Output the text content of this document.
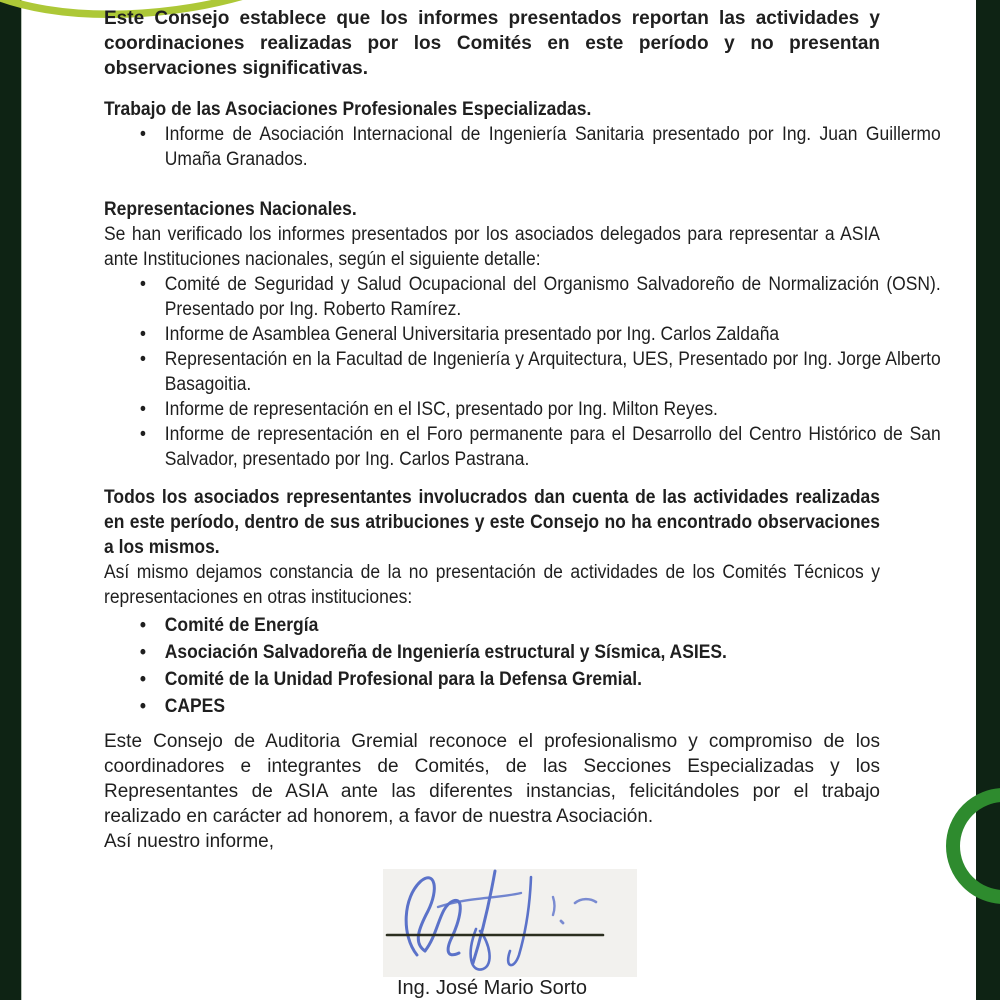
Este Consejo establece que los informes presentados reportan las actividades y coordinaciones realizadas por los Comités en este período y no presentan observaciones significativas.

Trabajo de las Asociaciones Profesionales Especializadas.

• Informe de Asociación Internacional de Ingeniería Sanitaria presentado por Ing. Juan Guillermo Umaña Granados.

Representaciones Nacionales.

Se han verificado los informes presentados por los asociados delegados para representar a ASIA ante Instituciones nacionales, según el siguiente detalle:

• Comité de Seguridad y Salud Ocupacional del Organismo Salvadoreño de Normalización (OSN). Presentado por Ing. Roberto Ramírez.
• Informe de Asamblea General Universitaria presentado por Ing. Carlos Zaldaña
• Representación en la Facultad de Ingeniería y Arquitectura, UES, Presentado por Ing. Jorge Alberto Basagoitia.
• Informe de representación en el ISC, presentado por Ing. Milton Reyes.
• Informe de representación en el Foro permanente para el Desarrollo del Centro Histórico de San Salvador, presentado por Ing. Carlos Pastrana.

Todos los asociados representantes involucrados dan cuenta de las actividades realizadas en este período, dentro de sus atribuciones y este Consejo no ha encontrado observaciones a los mismos.

Así mismo dejamos constancia de la no presentación de actividades de los Comités Técnicos y representaciones en otras instituciones:

• Comité de Energía
• Asociación Salvadoreña de Ingeniería estructural y Sísmica, ASIES.
• Comité de la Unidad Profesional para la Defensa Gremial.
• CAPES

Este Consejo de Auditoria Gremial reconoce el profesionalismo y compromiso de los coordinadores e integrantes de Comités, de las Secciones Especializadas y los Representantes de ASIA ante las diferentes instancias, felicitándoles por el trabajo realizado en carácter ad honorem, a favor de nuestra Asociación.

Así nuestro informe,

Ing. José Mario Sorto
